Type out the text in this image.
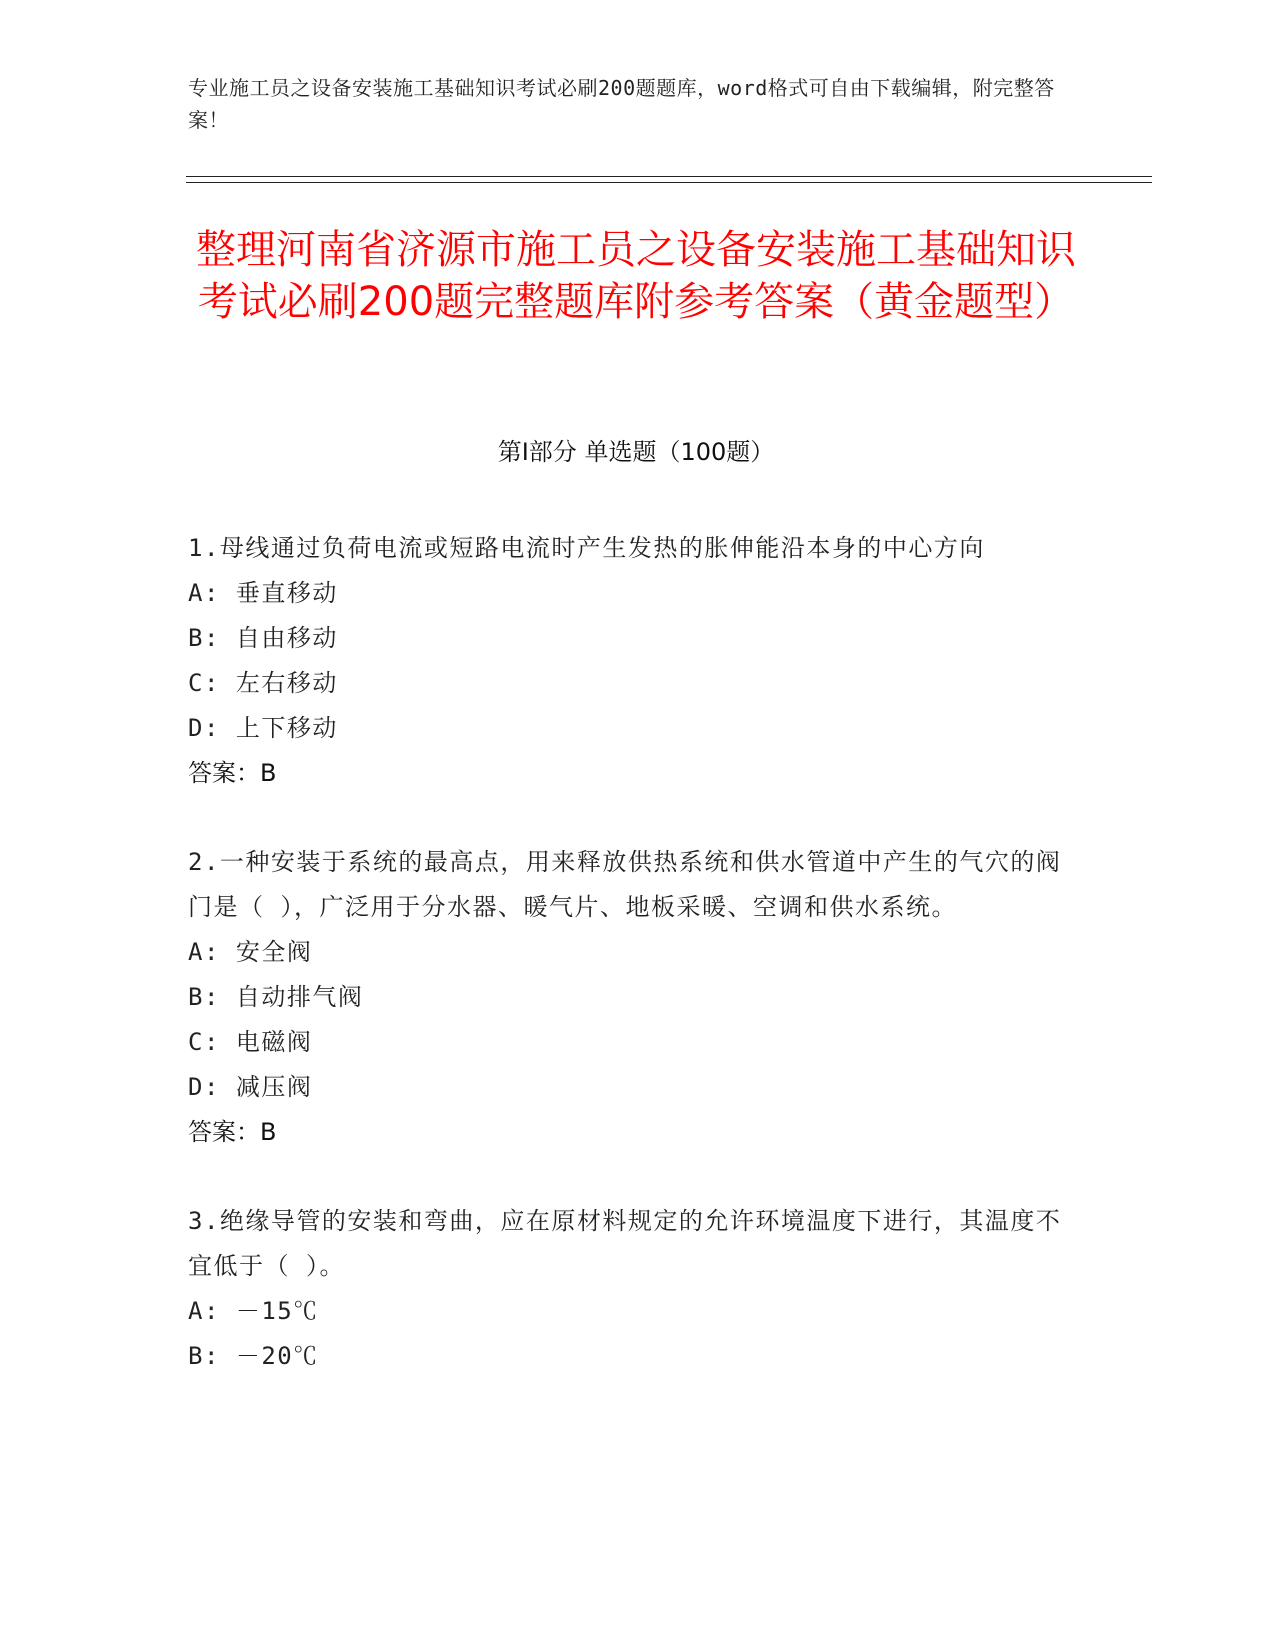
专业施工员之设备安装施工基础知识考试必刷200题题库，word格式可自由下载编辑，附完整答案！
整理河南省济源市施工员之设备安装施工基础知识考试必刷200题完整题库附参考答案（黄金题型）
第Ⅰ部分 单选题（100题）

1.母线通过负荷电流或短路电流时产生发热的胀伸能沿本身的中心方向

A: 垂直移动

B: 自由移动

C: 左右移动

D: 上下移动

答案：B

2.一种安装于系统的最高点，用来释放供热系统和供水管道中产生的气穴的阀门是（ ），广泛用于分水器、暖气片、地板采暖、空调和供水系统。

A: 安全阀

B: 自动排气阀

C: 电磁阀

D: 减压阀

答案：B

3.绝缘导管的安装和弯曲，应在原材料规定的允许环境温度下进行，其温度不宜低于（ ）。

A: －15℃

B: －20℃
